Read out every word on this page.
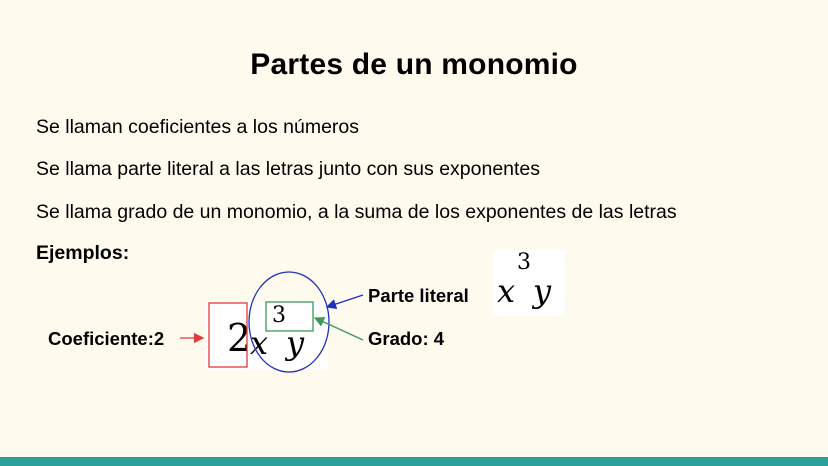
Partes de un monomio
Se llaman coeficientes a los números
Se llama parte literal a las letras junto con sus exponentes
Se llama grado de un monomio, a la suma de los exponentes de las letras
Ejemplos:
Coeficiente:2
Parte literal
Grado: 4
x
3
y
2
x
3
y
